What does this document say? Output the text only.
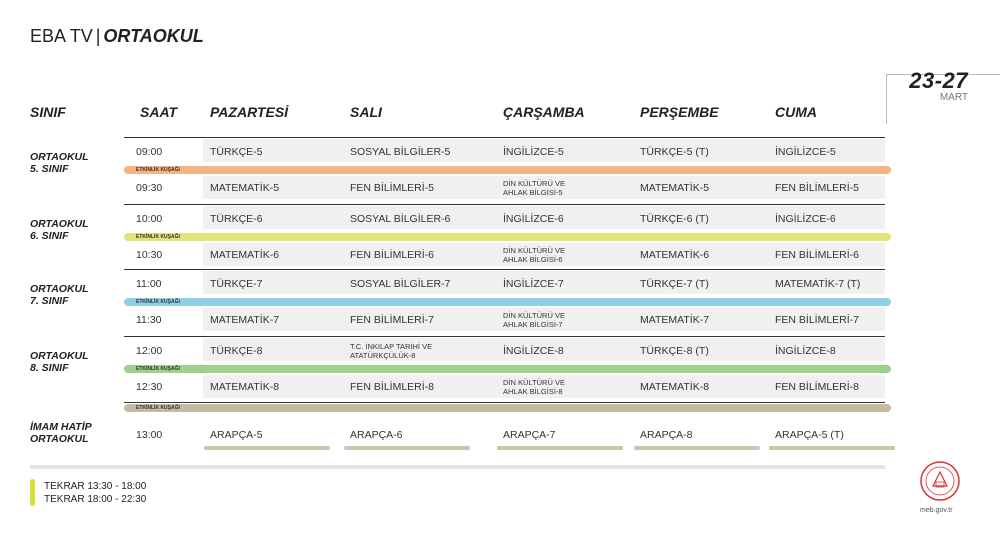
EBA TV | ORTAOKUL
23-27
MART
SINIF	SAAT PAZARTESİ	SALI	ÇARŞAMBA	PERŞEMBE	CUMA
ETKİNLİK KUŞAĞI
ORTAOKUL
5. SINIF
09:00	TÜRKÇE-5	SOSYAL BİLGİLER-5	İNGİLİZCE-5	TÜRKÇE-5 (T)	İNGİLİZCE-5
09:30	MATEMATİK-5	FEN BİLİMLERİ-5	DİN KÜLTÜRÜ VE AHLAK BİLGİSİ-5	MATEMATİK-5	FEN BİLİMLERİ-5
ETKİNLİK KUŞAĞI
ORTAOKUL
6. SINIF
10:00	TÜRKÇE-6	SOSYAL BİLGİLER-6	İNGİLİZCE-6	TÜRKÇE-6 (T)	İNGİLİZCE-6
10:30	MATEMATİK-6	FEN BİLİMLERİ-6	DİN KÜLTÜRÜ VE AHLAK BİLGİSİ-6	MATEMATİK-6	FEN BİLİMLERİ-6
ETKİNLİK KUŞAĞI
ORTAOKUL
7. SINIF
11:00	TÜRKÇE-7	SOSYAL BİLGİLER-7	İNGİLİZCE-7	TÜRKÇE-7 (T)	MATEMATİK-7 (T)
11:30	MATEMATİK-7	FEN BİLİMLERİ-7	DİN KÜLTÜRÜ VE AHLAK BİLGİSİ-7	MATEMATİK-7	FEN BİLİMLERİ-7
ETKİNLİK KUŞAĞI
ORTAOKUL
8. SINIF
12:00	TÜRKÇE-8	T.C. İNKILAP TARİHİ VE ATATÜRKÇÜLÜK-8	İNGİLİZCE-8	TÜRKÇE-8 (T)	İNGİLİZCE-8
12:30	MATEMATİK-8	FEN BİLİMLERİ-8	DİN KÜLTÜRÜ VE AHLAK BİLGİSİ-8	MATEMATİK-8	FEN BİLİMLERİ-8
ETKİNLİK KUŞAĞI
İMAM HATİP
ORTAOKUL	13:00	ARAPÇA-5	ARAPÇA-6	ARAPÇA-7	ARAPÇA-8	ARAPÇA-5 (T)
TEKRAR 13:30 - 18:00
TEKRAR 18:00 - 22:30
meb.gov.tr
